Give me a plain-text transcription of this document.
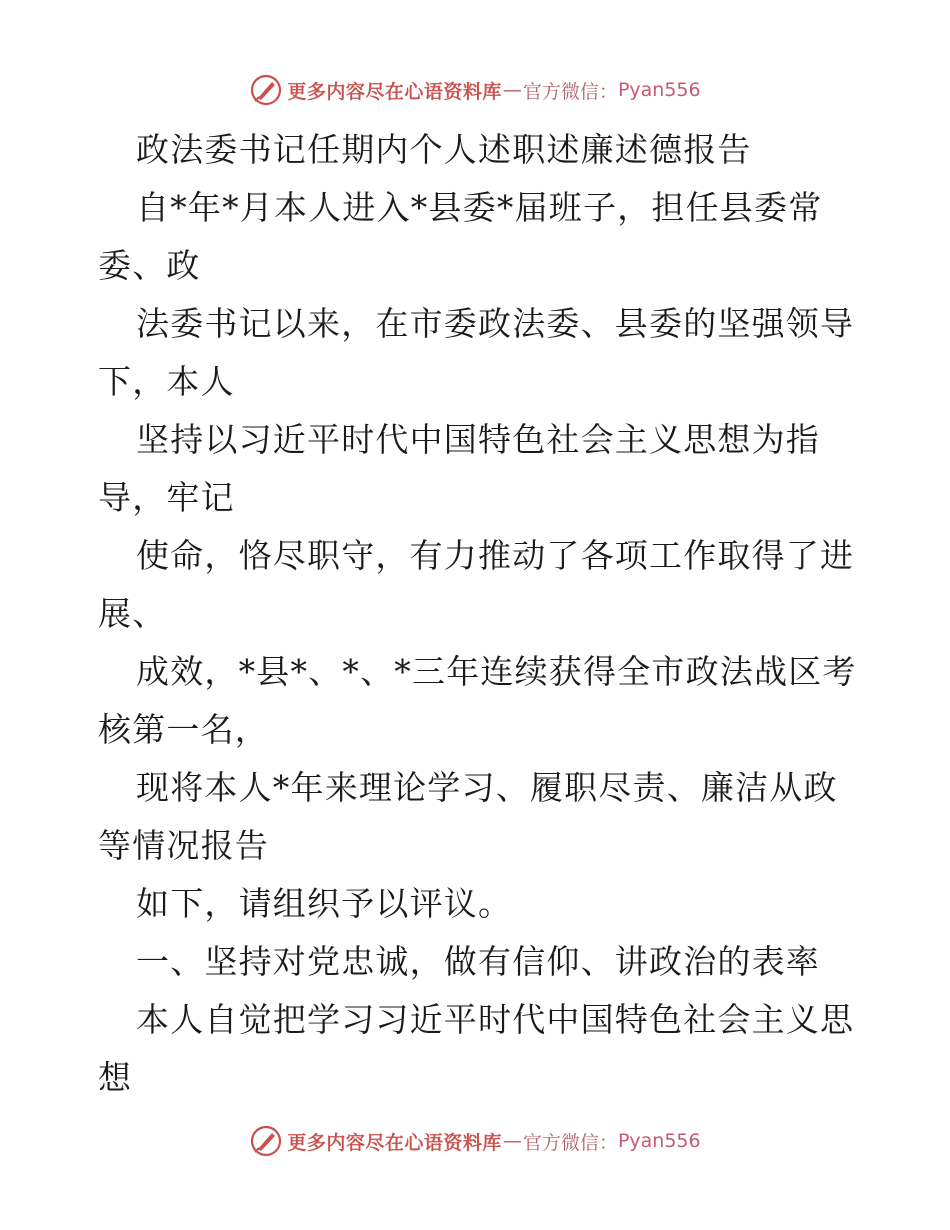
更多内容尽在心语资料库 — 官方微信： Pyan556
政法委书记任期内个人述职述廉述德报告
自*年*月本人进入*县委*届班子，担任县委常
委、政
法委书记以来，在市委政法委、县委的坚强领导
下，本人
坚持以习近平时代中国特色社会主义思想为指
导，牢记
使命，恪尽职守，有力推动了各项工作取得了进
展、
成效，*县*、*、*三年连续获得全市政法战区考
核第一名，
现将本人*年来理论学习、履职尽责、廉洁从政
等情况报告
如下，请组织予以评议。
一、坚持对党忠诚，做有信仰、讲政治的表率
本人自觉把学习习近平时代中国特色社会主义思
想
更多内容尽在心语资料库 — 官方微信： Pyan556
